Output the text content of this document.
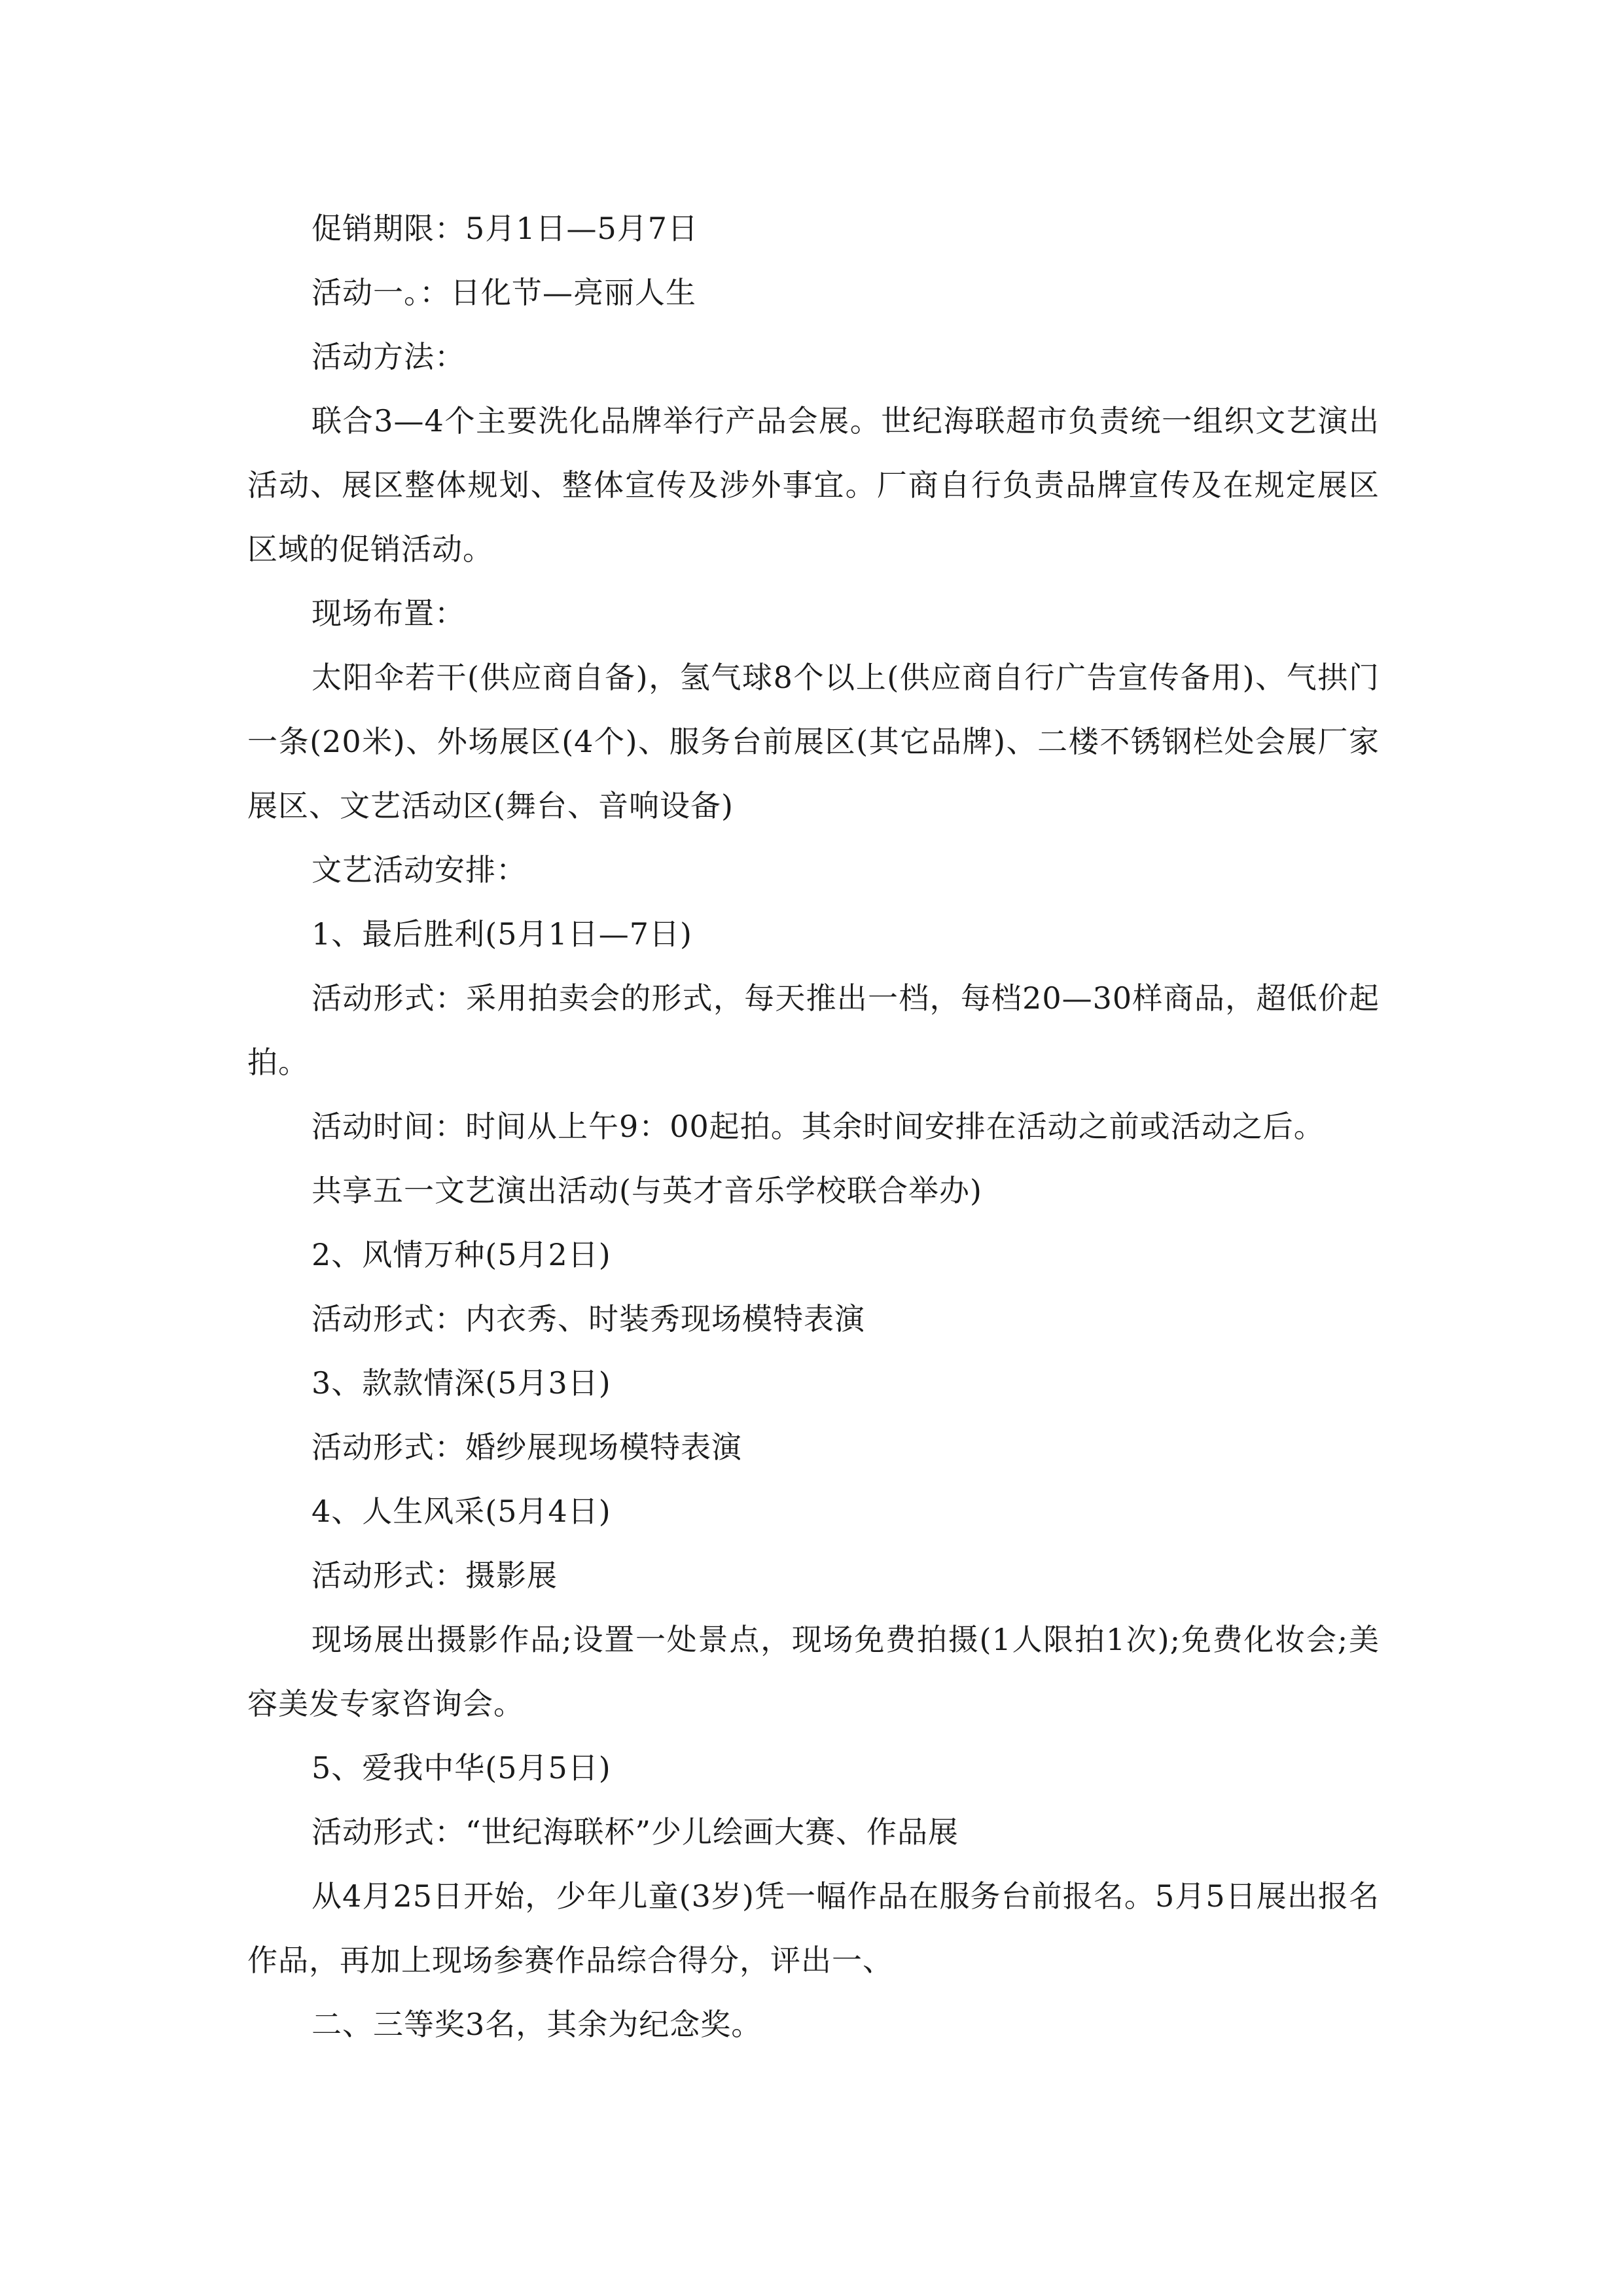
促销期限：5月1日—5月7日

活动一。：日化节—亮丽人生

活动方法：

联合3—4个主要洗化品牌举行产品会展。世纪海联超市负责统一组织文艺演出活动、展区整体规划、整体宣传及涉外事宜。厂商自行负责品牌宣传及在规定展区区域的促销活动。

现场布置：

太阳伞若干(供应商自备)，氢气球8个以上(供应商自行广告宣传备用)、气拱门一条(20米)、外场展区(4个)、服务台前展区(其它品牌)、二楼不锈钢栏处会展厂家展区、文艺活动区(舞台、音响设备)

文艺活动安排：

1、最后胜利(5月1日—7日)

活动形式：采用拍卖会的形式，每天推出一档，每档20—30样商品，超低价起拍。

活动时间：时间从上午9：00起拍。其余时间安排在活动之前或活动之后。

共享五一文艺演出活动(与英才音乐学校联合举办)

2、风情万种(5月2日)

活动形式：内衣秀、时装秀现场模特表演

3、款款情深(5月3日)

活动形式：婚纱展现场模特表演

4、人生风采(5月4日)

活动形式：摄影展

现场展出摄影作品;设置一处景点，现场免费拍摄(1人限拍1次);免费化妆会;美容美发专家咨询会。

5、爱我中华(5月5日)

活动形式：“世纪海联杯”少儿绘画大赛、作品展

从4月25日开始，少年儿童(3岁)凭一幅作品在服务台前报名。5月5日展出报名作品，再加上现场参赛作品综合得分，评出一、

二、三等奖3名，其余为纪念奖。
